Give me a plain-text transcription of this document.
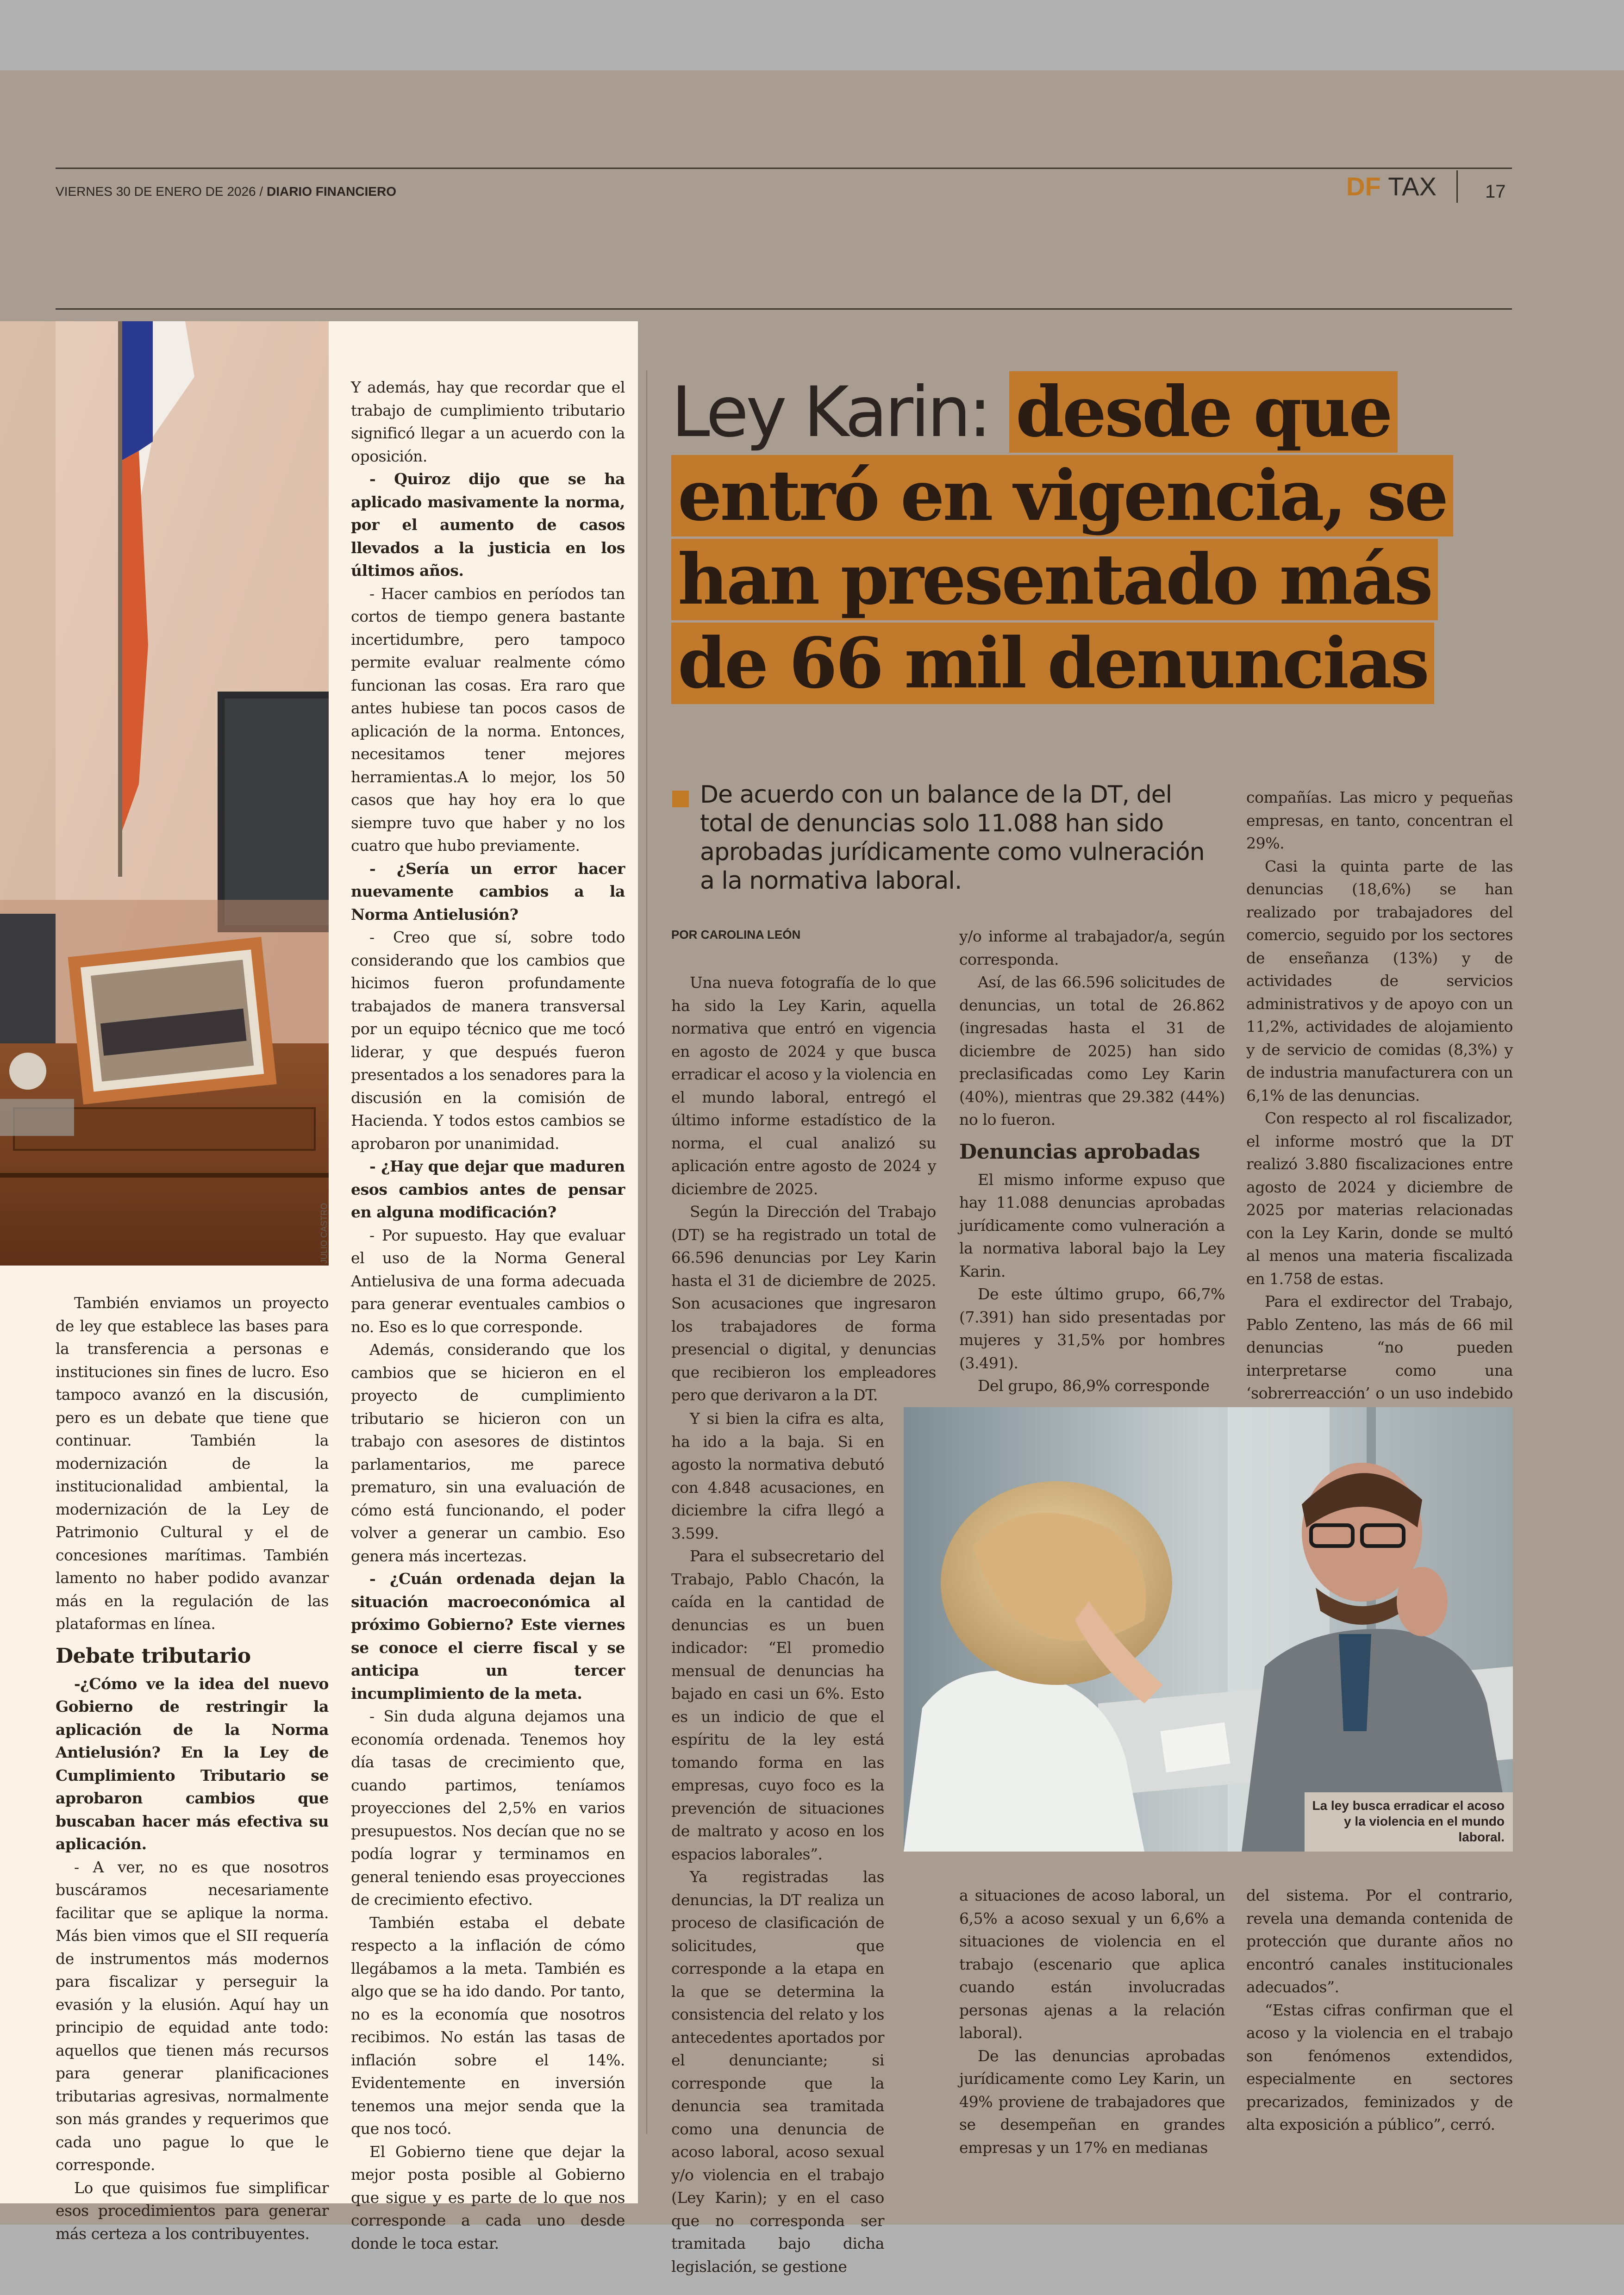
VIERNES 30 DE ENERO DE 2026 / DIARIO FINANCIERO	DF TAX	17

También enviamos un proyecto de ley que establece las bases para la transferencia a personas e instituciones sin fines de lucro. Eso tampoco avanzó en la discusión, pero es un debate que tiene que continuar. También la modernización de la institucionalidad ambiental, la modernización de la Ley de Patrimonio Cultural y el de concesiones marítimas. También lamento no haber podido avanzar más en la regulación de las plataformas en línea.

Debate tributario

-¿Cómo ve la idea del nuevo Gobierno de restringir la aplicación de la Norma Antielusión? En la Ley de Cumplimiento Tributario se aprobaron cambios que buscaban hacer más efectiva su aplicación.

- A ver, no es que nosotros buscáramos necesariamente facilitar que se aplique la norma. Más bien vimos que el SII requería de instrumentos más modernos para fiscalizar y perseguir la evasión y la elusión. Aquí hay un principio de equidad ante todo: aquellos que tienen más recursos para generar planificaciones tributarias agresivas, normalmente son más grandes y requerimos que cada uno pague lo que le corresponde.

Lo que quisimos fue simplificar esos procedimientos para generar más certeza a los contribuyentes.

Y además, hay que recordar que el trabajo de cumplimiento tributario significó llegar a un acuerdo con la oposición.

- Quiroz dijo que se ha aplicado masivamente la norma, por el aumento de casos llevados a la justicia en los últimos años.

- Hacer cambios en períodos tan cortos de tiempo genera bastante incertidumbre, pero tampoco permite evaluar realmente cómo funcionan las cosas. Era raro que antes hubiese tan pocos casos de aplicación de la norma. Entonces, necesitamos tener mejores herramientas.A lo mejor, los 50 casos que hay hoy era lo que siempre tuvo que haber y no los cuatro que hubo previamente.

- ¿Sería un error hacer nuevamente cambios a la Norma Antielusión?

- Creo que sí, sobre todo considerando que los cambios que hicimos fueron profundamente trabajados de manera transversal por un equipo técnico que me tocó liderar, y que después fueron presentados a los senadores para la discusión en la comisión de Hacienda. Y todos estos cambios se aprobaron por unanimidad.

- ¿Hay que dejar que maduren esos cambios antes de pensar en alguna modificación?

- Por supuesto. Hay que evaluar el uso de la Norma General Antielusiva de una forma adecuada para generar eventuales cambios o no. Eso es lo que corresponde.

Además, considerando que los cambios que se hicieron en el proyecto de cumplimiento tributario se hicieron con un trabajo con asesores de distintos parlamentarios, me parece prematuro, sin una evaluación de cómo está funcionando, el poder volver a generar un cambio. Eso genera más incertezas.

- ¿Cuán ordenada dejan la situación macroeconómica al próximo Gobierno? Este viernes se conoce el cierre fiscal y se anticipa un tercer incumplimiento de la meta.

- Sin duda alguna dejamos una economía ordenada. Tenemos hoy día tasas de crecimiento que, cuando partimos, teníamos proyecciones del 2,5% en varios presupuestos. Nos decían que no se podía lograr y terminamos en general teniendo esas proyecciones de crecimiento efectivo.

También estaba el debate respecto a la inflación de cómo llegábamos a la meta. También es algo que se ha ido dando. Por tanto, no es la economía que nosotros recibimos. No están las tasas de inflación sobre el 14%. Evidentemente en inversión tenemos una mejor senda que la que nos tocó.

El Gobierno tiene que dejar la mejor posta posible al Gobierno que sigue y es parte de lo que nos corresponde a cada uno desde donde le toca estar.

Ley Karin: desde que
entró en vigencia, se
han presentado más
de 66 mil denuncias
De acuerdo con un balance de la DT, del total de denuncias solo 11.088 han sido aprobadas jurídicamente como vulneración a la normativa laboral.
POR CAROLINA LEÓN

Una nueva fotografía de lo que ha sido la Ley Karin, aquella normativa que entró en vigencia en agosto de 2024 y que busca erradicar el acoso y la violencia en el mundo laboral, entregó el último informe estadístico de la norma, el cual analizó su aplicación entre agosto de 2024 y diciembre de 2025.

Según la Dirección del Trabajo (DT) se ha registrado un total de 66.596 denuncias por Ley Karin hasta el 31 de diciembre de 2025. Son acusaciones que ingresaron los trabajadores de forma presencial o digital, y denuncias que recibieron los empleadores pero que derivaron a la DT.

Y si bien la cifra es alta, ha ido a la baja. Si en agosto la normativa debutó con 4.848 acusaciones, en diciembre la cifra llegó a 3.599.

Para el subsecretario del Trabajo, Pablo Chacón, la caída en la cantidad de denuncias es un buen indicador: “El promedio mensual de denuncias ha bajado en casi un 6%. Esto es un indicio de que el espíritu de la ley está tomando forma en las empresas, cuyo foco es la prevención de situaciones de maltrato y acoso en los espacios laborales”.

Ya registradas las denuncias, la DT realiza un proceso de clasificación de solicitudes, que corresponde a la etapa en la que se determina la consistencia del relato y los antecedentes aportados por el denunciante; si corresponde que la denuncia sea tramitada como una denuncia de acoso laboral, acoso sexual y/o violencia en el trabajo (Ley Karin); y en el caso que no corresponda ser tramitada bajo dicha legislación, se gestione

y/o informe al trabajador/a, según corresponda.

Así, de las 66.596 solicitudes de denuncias, un total de 26.862 (ingresadas hasta el 31 de diciembre de 2025) han sido preclasificadas como Ley Karin (40%), mientras que 29.382 (44%) no lo fueron.

Denuncias aprobadas

El mismo informe expuso que hay 11.088 denuncias aprobadas jurídicamente como vulneración a la normativa laboral bajo la Ley Karin.

De este último grupo, 66,7% (7.391) han sido presentadas por mujeres y 31,5% por hombres (3.491).

Del grupo, 86,9% corresponde

a situaciones de acoso laboral, un 6,5% a acoso sexual y un 6,6% a situaciones de violencia en el trabajo (escenario que aplica cuando están involucradas personas ajenas a la relación laboral).

De las denuncias aprobadas jurídicamente como Ley Karin, un 49% proviene de trabajadores que se desempeñan en grandes empresas y un 17% en medianas

compañías. Las micro y pequeñas empresas, en tanto, concentran el 29%.

Casi la quinta parte de las denuncias (18,6%) se han realizado por trabajadores del comercio, seguido por los sectores de enseñanza (13%) y de actividades de servicios administrativos y de apoyo con un 11,2%, actividades de alojamiento y de servicio de comidas (8,3%) y de industria manufacturera con un 6,1% de las denuncias.

Con respecto al rol fiscalizador, el informe mostró que la DT realizó 3.880 fiscalizaciones entre agosto de 2024 y diciembre de 2025 por materias relacionadas con la Ley Karin, donde se multó al menos una materia fiscalizada en 1.758 de estas.

Para el exdirector del Trabajo, Pablo Zenteno, las más de 66 mil denuncias “no pueden interpretarse como una ‘sobrerreacción’ o un uso indebido

del sistema. Por el contrario, revela una demanda contenida de protección que durante años no encontró canales institucionales adecuados”.

“Estas cifras confirman que el acoso y la violencia en el trabajo son fenómenos extendidos, especialmente en sectores precarizados, feminizados y de alta exposición a público”, cerró.

La ley busca erradicar el acoso y la violencia en el mundo laboral.
